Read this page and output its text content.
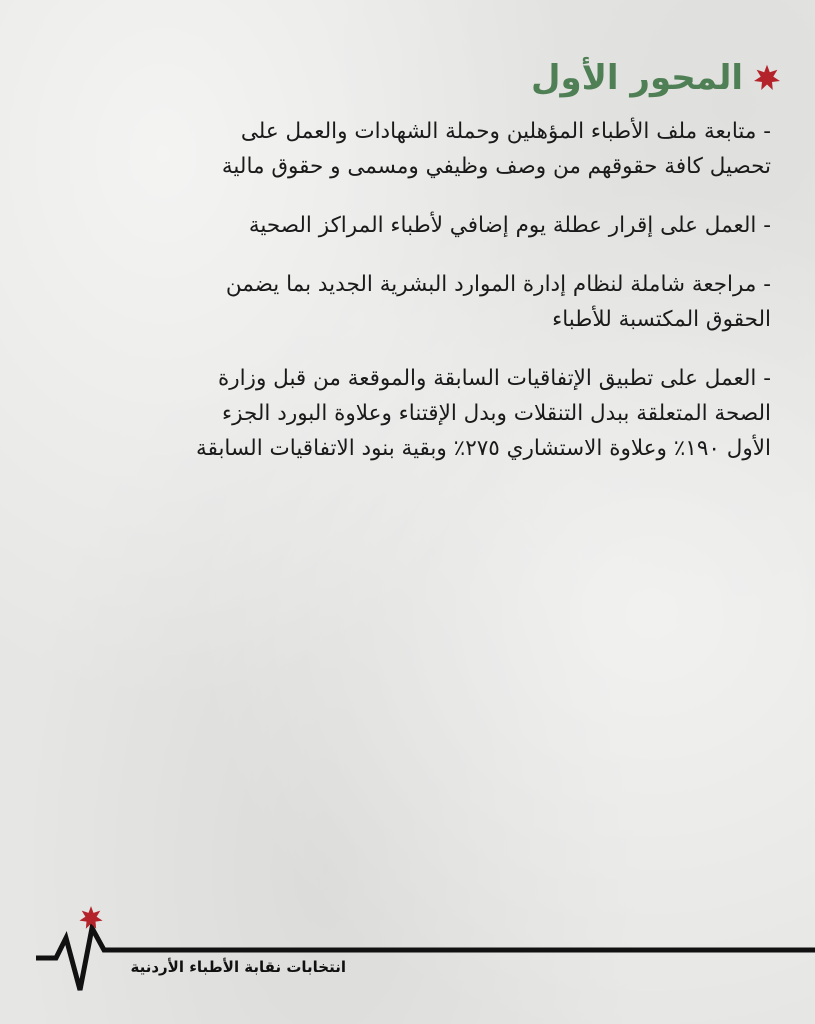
المحور الأول
- متابعة ملف الأطباء المؤهلين وحملة الشهادات والعمل على
تحصيل كافة حقوقهم من وصف وظيفي ومسمى و حقوق مالية
- العمل على إقرار عطلة يوم إضافي لأطباء المراكز الصحية
- مراجعة شاملة لنظام إدارة الموارد البشرية الجديد بما يضمن
الحقوق المكتسبة للأطباء
- العمل على تطبيق الإتفاقيات السابقة والموقعة من قبل وزارة
الصحة المتعلقة ببدل التنقلات وبدل الإقتناء وعلاوة البورد الجزء
الأول ١٩٠٪ وعلاوة الاستشاري ٢٧٥٪ وبقية بنود الاتفاقيات السابقة
انتخابات نقابة الأطباء الأردنية
